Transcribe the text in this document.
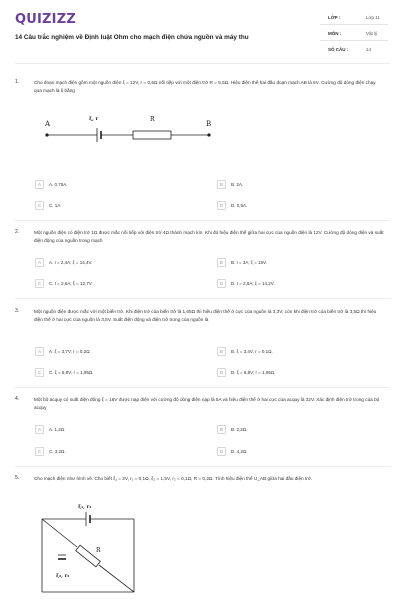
QUIZIZZ
14 Câu trắc nghiệm về Định luật Ohm cho mạch điện chứa nguồn và máy thu
LỚP :	Lớp 11
MÔN :	Vật lý
SỐ CÂU :	14
1.	Cho đoạn mạch điện gồm một nguồn điện ξ = 12V, r = 0,5Ω nối tiếp với một điện trở R = 5,5Ω. Hiệu điện thế hai đầu đoạn mạch AB là 6V. Cường độ dòng điện chạy qua mạch là lì bằng
A	B
ξ, r	R
A	A. 0,75A.	B	B. 2A.
C	C. 1A.	D	D. 0,5A.
2.	Một nguồn điện có điện trở 1Ω được mắc nối tiếp với điện trở 4Ω thành mạch kín. Khi đó hiệu điện thế giữa hai cực của nguồn điện là 12V. Cường độ dòng điện và suất điện động của nguồn trong mạch
A	A. I = 2,4A; ξ = 14,4V.	B	B. I = 3A; ξ = 15V.
C	C. I = 2,6A; ξ = 12,7V.	D	D. I = 2,9A; ξ = 14,2V.
3.	Một nguồn điện được mắc với một biến trở. Khi điện trở của biến trở là 1,65Ω thì hiệu điện thế ở cực của nguồn là 3,3V; còn khi điện trở của biến trở là 3,5Ω thì hiệu điện thế ở hai cực của nguồn là 3,5V. Suất điện động và điện trở trong của nguồn là
A	A. ξ = 3,7V; r = 0,2Ω.	B	B. ξ = 3,4V; r = 0,1Ω.
C	C. ξ = 6,8V; r = 1,95Ω.	D	D. ξ = 6,8V; r = 1,95Ω.
4.	Một bộ acquy có suất điện động ξ = 16V được nạp điện với cường độ dòng điện nạp là 5A và hiệu điện thế ở hai cực của acquy là 32V. Xác định điện trở trong của bộ acquy
A	A. 1,2Ω.	B	B. 2,2Ω.
C	C. 3,2Ω.	D	D. 4,2Ω.
5.	Cho mạch điện như hình vẽ. Cho biết ξ₁ = 2V, r₁ = 0,1Ω, ξ₂ = 1,5V, r₂ = 0,1Ω, R = 0,2Ω. Tính hiệu điện thế U_AB giữa hai đầu điện trở.
ξ₁, r₁
R
ξ₂, r₂
